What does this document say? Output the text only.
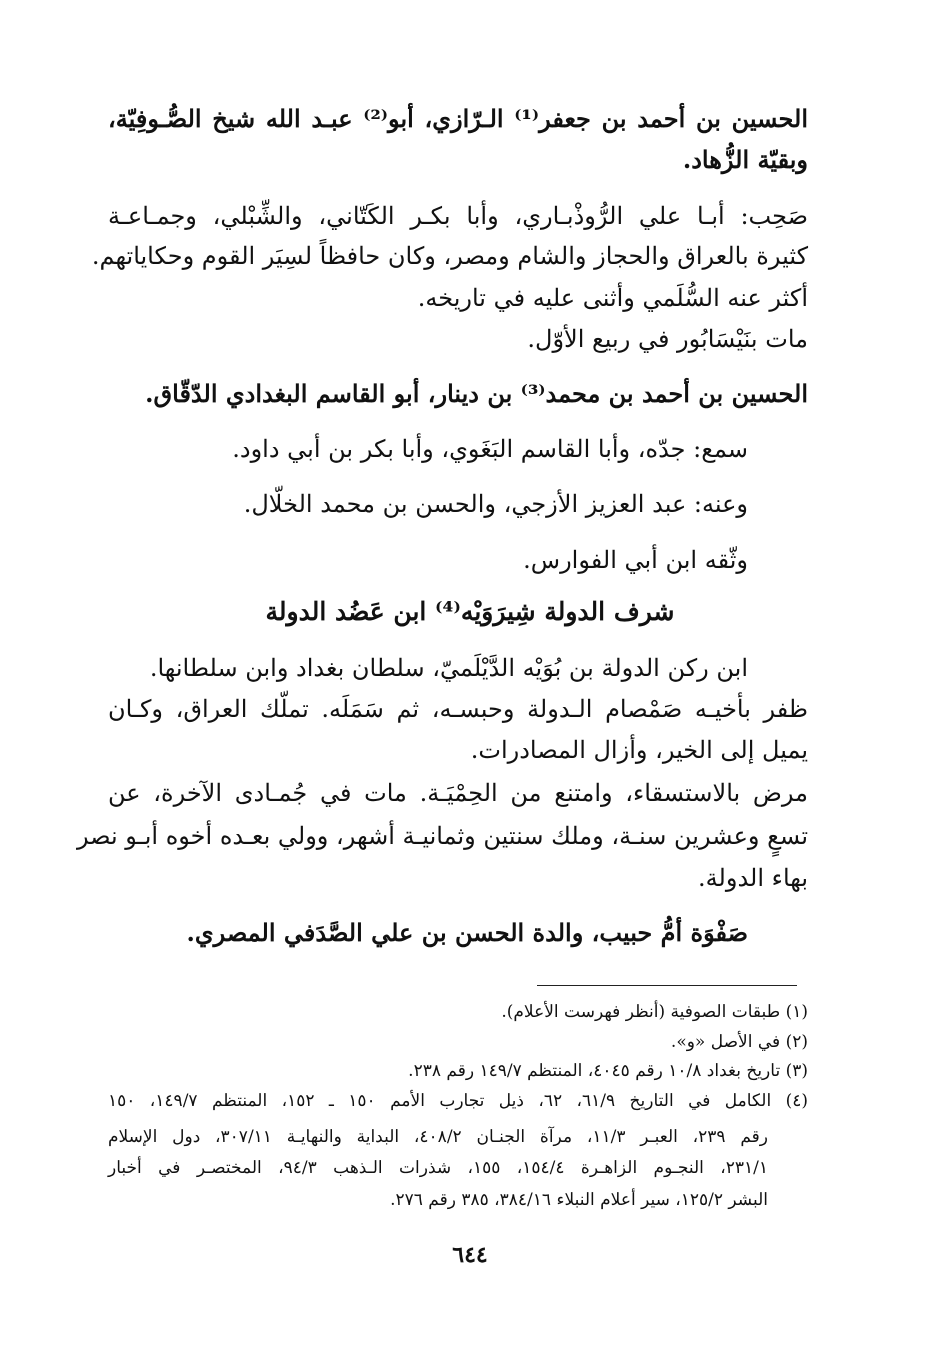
الحسين بن أحمد بن جعفر⁽¹⁾ الـرّازي، أبو⁽²⁾ عبـد الله شيخ الصُّـوفِيّة،
وبقيّة الزُّهاد.
صَحِب: أبـا علي الرُّوذْبـاري، وأبا بكـر الكَتّاني، والشِّبْلي، وجمـاعـة
كثيرة بالعراق والحجاز والشام ومصر، وكان حافظاً لسِيَر القوم وحكاياتهم.
أكثر عنه السُّلَمي وأثنى عليه في تاريخه.
مات بنَيْسَابُور في ربيع الأوّل.
الحسين بن أحمد بن محمد⁽³⁾ بن دينار، أبو القاسم البغدادي الدّقّاق.
سمع: جدّه، وأبا القاسم البَغَوي، وأبا بكر بن أبي داود.
وعنه: عبد العزيز الأزجي، والحسن بن محمد الخلّال.
وثّقه ابن أبي الفوارس.
شرف الدولة شِيرَوَيْه⁽⁴⁾ ابن عَضُد الدولة
ابن ركن الدولة بن بُوَيْه الدَّيْلَميّ، سلطان بغداد وابن سلطانها.
ظفر بأخيـه صَمْصام الـدولة وحبسـه، ثم سَمَلَه. تملّك العراق، وكـان
يميل إلى الخير، وأزال المصادرات.
مرض بالاستسقاء، وامتنع من الحِمْيَـة. مات في جُمـادى الآخرة، عن
تسعٍ وعشرين سنـة، وملك سنتين وثمانيـة أشهر، وولي بعـده أخوه أبـو نصر
بهاء الدولة.
صَفْوَة أمُّ حبيب، والدة الحسن بن علي الصَّدَفي المصري.
(١) طبقات الصوفية (أنظر فهرست الأعلام).
(٢) في الأصل «و».
(٣) تاريخ بغداد ١٠/٨ رقم ٤٠٤٥، المنتظم ١٤٩/٧ رقم ٢٣٨.
(٤) الكامل في التاريخ ٦١/٩، ٦٢، ذيل تجارب الأمم ١٥٠ ـ ١٥٢، المنتظم ١٤٩/٧، ١٥٠
رقم ٢٣٩، العبـر ١١/٣، مرآة الجنـان ٤٠٨/٢، البداية والنهايـة ٣٠٧/١١، دول الإسلام
٢٣١/١، النجـوم الزاهـرة ١٥٤/٤، ١٥٥، شذرات الـذهب ٩٤/٣، المختصـر في أخبار
البشر ١٢٥/٢، سير أعلام النبلاء ٣٨٤/١٦، ٣٨٥ رقم ٢٧٦.
٦٤٤
